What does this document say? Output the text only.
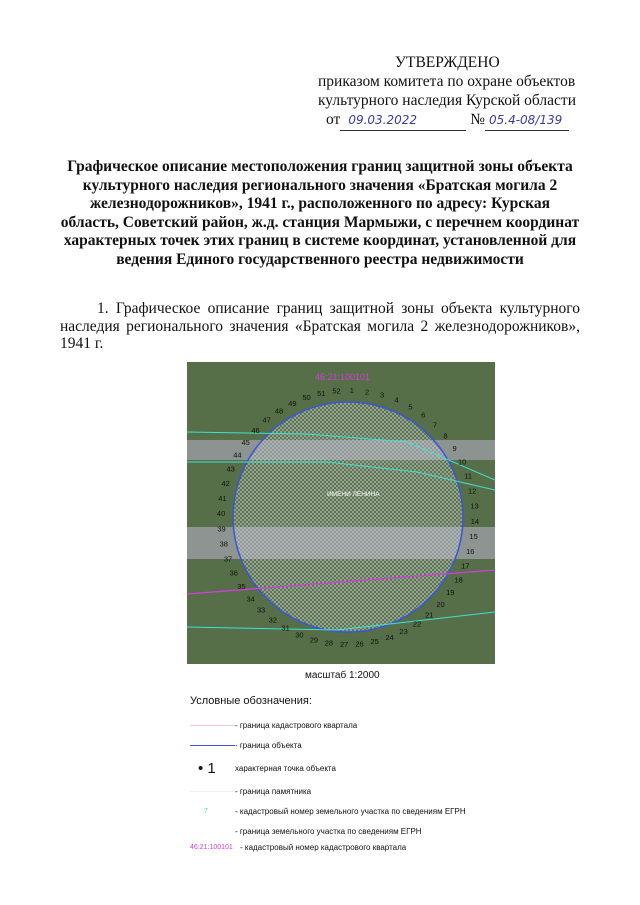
УТВЕРЖДЕНО
приказом комитета по охране объектов
культурного наследия Курской области
от 09.03.2022	№ 05.4-08/139
Графическое описание местоположения границ защитной зоны объекта культурного наследия регионального значения «Братская могила 2 железнодорожников», 1941 г., расположенного по адресу: Курская область, Советский район, ж.д. станция Мармыжи, с перечнем координат характерных точек этих границ в системе координат, установленной для ведения Единого государственного реестра недвижимости
1. Графическое описание границ защитной зоны объекта культурного наследия регионального значения «Братская могила 2 железнодорожников», 1941 г.
46:21:100101
ИМЕНИ ЛЕНИНА
1 2 3
4
5
6
7
8
9
10
11
12
13
14
15
16
17
18
19
20
21
22
23
24
25
26
27
28
29
30
31
32
33
34
35
36
37
38
39
40
41
42
43
44
45
46
47
48
49
50 51 52
масштаб 1:2000
Условные обозначения:
- граница кадастрового квартала
- граница объекта
• 1	характерная точка объекта
- граница памятника
:7	- кадастровый номер земельного участка по сведениям ЕГРН
- граница земельного участка по сведениям ЕГРН
46:21:100101 - кадастровый номер кадастрового квартала
